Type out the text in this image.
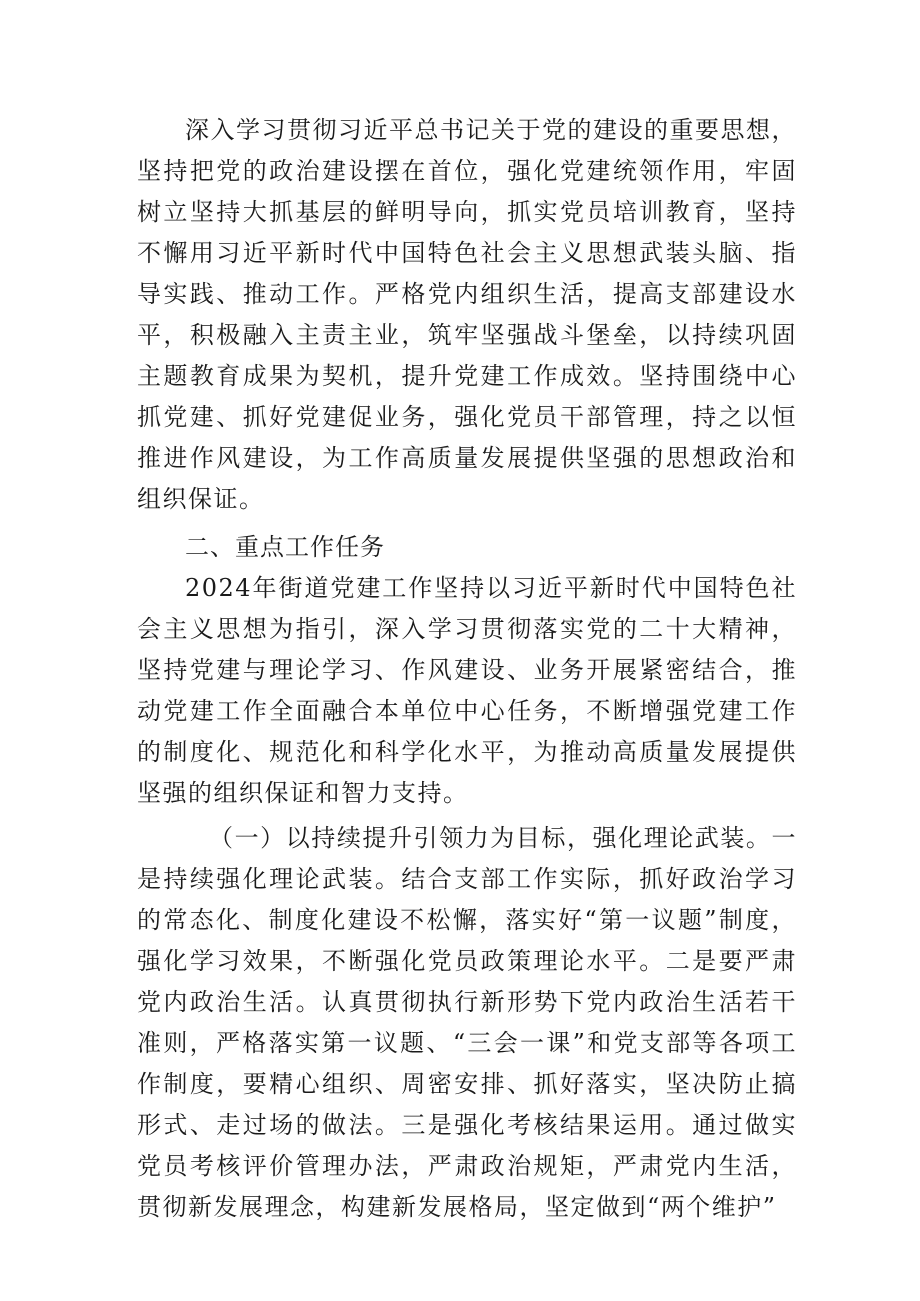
深入学习贯彻习近平总书记关于党的建设的重要思想，坚持把党的政治建设摆在首位，强化党建统领作用，牢固树立坚持大抓基层的鲜明导向，抓实党员培训教育，坚持不懈用习近平新时代中国特色社会主义思想武装头脑、指导实践、推动工作。严格党内组织生活，提高支部建设水平，积极融入主责主业，筑牢坚强战斗堡垒，以持续巩固主题教育成果为契机，提升党建工作成效。坚持围绕中心抓党建、抓好党建促业务，强化党员干部管理，持之以恒推进作风建设，为工作高质量发展提供坚强的思想政治和组织保证。

二、重点工作任务

2024年街道党建工作坚持以习近平新时代中国特色社会主义思想为指引，深入学习贯彻落实党的二十大精神，坚持党建与理论学习、作风建设、业务开展紧密结合，推动党建工作全面融合本单位中心任务，不断增强党建工作的制度化、规范化和科学化水平，为推动高质量发展提供坚强的组织保证和智力支持。

（一）以持续提升引领力为目标，强化理论武装。一是持续强化理论武装。结合支部工作实际，抓好政治学习的常态化、制度化建设不松懈，落实好“第一议题”制度，强化学习效果，不断强化党员政策理论水平。二是要严肃党内政治生活。认真贯彻执行新形势下党内政治生活若干准则，严格落实第一议题、“三会一课”和党支部等各项工作制度，要精心组织、周密安排、抓好落实，坚决防止搞形式、走过场的做法。三是强化考核结果运用。通过做实党员考核评价管理办法，严肃政治规矩，严肃党内生活，贯彻新发展理念，构建新发展格局，坚定做到“两个维护”
